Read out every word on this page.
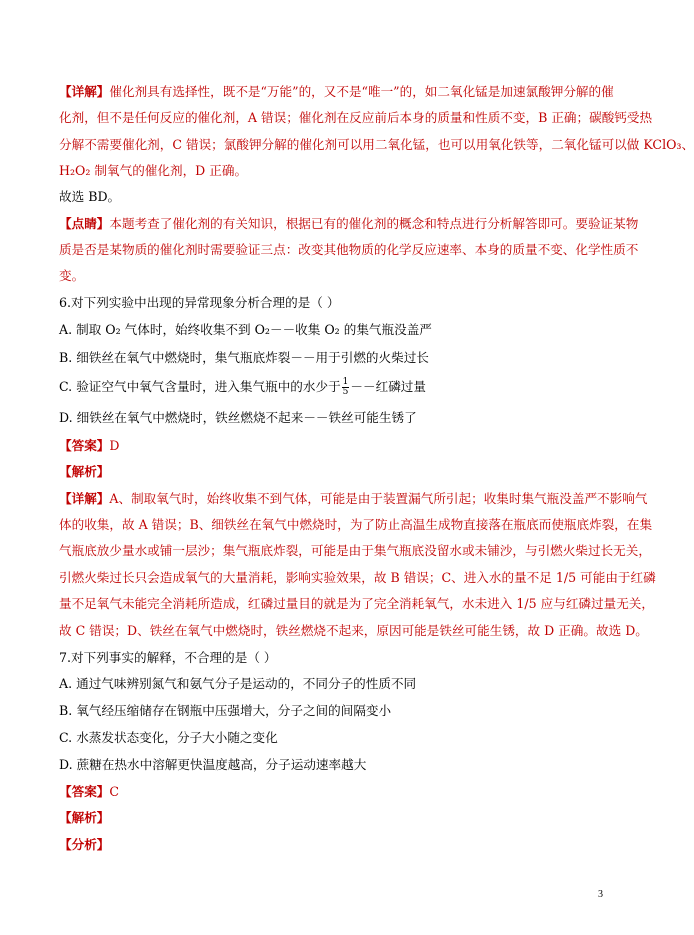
【详解】催化剂具有选择性，既不是“万能”的，又不是“唯一”的，如二氧化锰是加速氯酸钾分解的催
化剂，但不是任何反应的催化剂，A 错误；催化剂在反应前后本身的质量和性质不变，B 正确；碳酸钙受热
分解不需要催化剂，C 错误；氯酸钾分解的催化剂可以用二氧化锰，也可以用氧化铁等，二氧化锰可以做 KClO₃、
H₂O₂ 制氧气的催化剂，D 正确。
故选 BD。
【点睛】本题考查了催化剂的有关知识，根据已有的催化剂的概念和特点进行分析解答即可。要验证某物
质是否是某物质的催化剂时需要验证三点：改变其他物质的化学反应速率、本身的质量不变、化学性质不
变。
6.对下列实验中出现的异常现象分析合理的是（ ）
A. 制取 O₂ 气体时，始终收集不到 O₂－－收集 O₂ 的集气瓶没盖严
B. 细铁丝在氧气中燃烧时，集气瓶底炸裂－－用于引燃的火柴过长
C. 验证空气中氧气含量时，进入集气瓶中的水少于 $\frac{1}{5}$ －－红磷过量
D. 细铁丝在氧气中燃烧时，铁丝燃烧不起来－－铁丝可能生锈了
【答案】D
【解析】
【详解】A、制取氧气时，始终收集不到气体，可能是由于装置漏气所引起；收集时集气瓶没盖严不影响气
体的收集，故 A 错误；B、细铁丝在氧气中燃烧时，为了防止高温生成物直接落在瓶底而使瓶底炸裂，在集
气瓶底放少量水或铺一层沙；集气瓶底炸裂，可能是由于集气瓶底没留水或未铺沙，与引燃火柴过长无关，
引燃火柴过长只会造成氧气的大量消耗，影响实验效果，故 B 错误；C、进入水的量不足 1/5 可能由于红磷
量不足氧气未能完全消耗所造成，红磷过量目的就是为了完全消耗氧气，水未进入 1/5 应与红磷过量无关，
故 C 错误；D、铁丝在氧气中燃烧时，铁丝燃烧不起来，原因可能是铁丝可能生锈，故 D 正确。故选 D。
7.对下列事实的解释，不合理的是（ ）
A. 通过气味辨别氮气和氨气分子是运动的，不同分子的性质不同
B. 氧气经压缩储存在钢瓶中压强增大，分子之间的间隔变小
C. 水蒸发状态变化，分子大小随之变化
D. 蔗糖在热水中溶解更快温度越高，分子运动速率越大
【答案】C
【解析】
【分析】
3
